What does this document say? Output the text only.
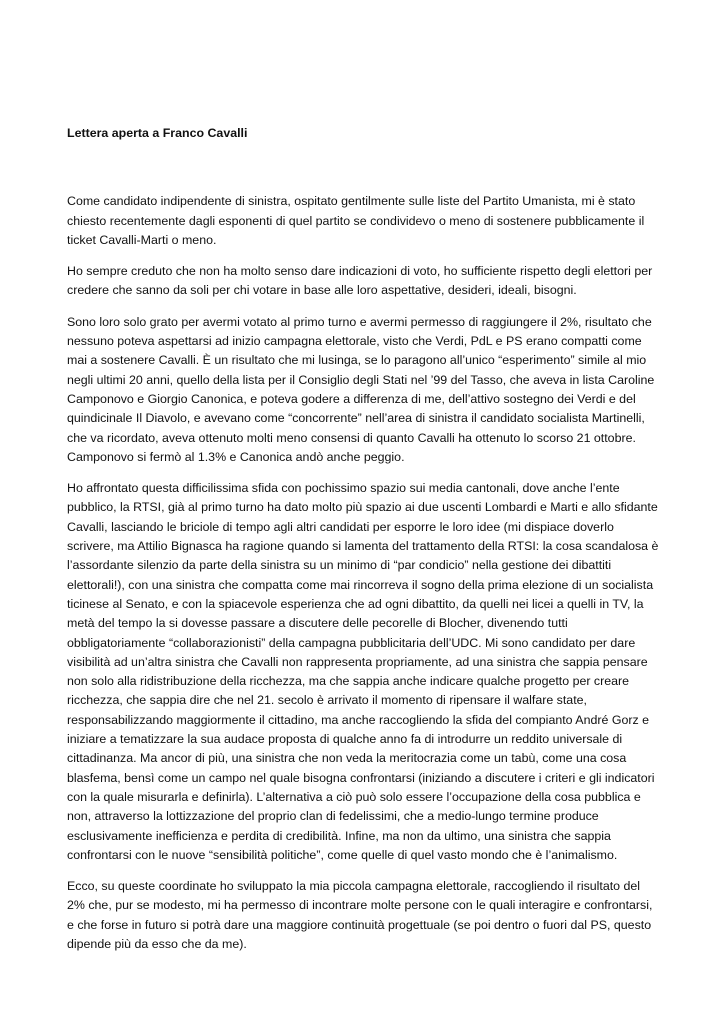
Lettera aperta a Franco Cavalli

Come candidato indipendente di sinistra, ospitato gentilmente sulle liste del Partito Umanista, mi è stato chiesto recentemente dagli esponenti di quel partito se condividevo o meno di sostenere pubblicamente il ticket Cavalli-Marti o meno.

Ho sempre creduto che non ha molto senso dare indicazioni di voto, ho sufficiente rispetto degli elettori per credere che sanno da soli per chi votare in base alle loro aspettative, desideri, ideali, bisogni.

Sono loro solo grato per avermi votato al primo turno e avermi permesso di raggiungere il 2%, risultato che nessuno poteva aspettarsi ad inizio campagna elettorale, visto che Verdi, PdL e PS erano compatti come mai a sostenere Cavalli. È un risultato che mi lusinga, se lo paragono all’unico “esperimento” simile al mio negli ultimi 20 anni, quello della lista per il Consiglio degli Stati nel ’99 del Tasso, che aveva in lista Caroline Camponovo e Giorgio Canonica, e poteva godere a differenza di me, dell’attivo sostegno dei Verdi e del quindicinale Il Diavolo, e avevano come “concorrente” nell’area di sinistra il candidato socialista Martinelli, che va ricordato, aveva ottenuto molti meno consensi di quanto Cavalli ha ottenuto lo scorso 21 ottobre. Camponovo si fermò al 1.3% e Canonica andò anche peggio.

Ho affrontato questa difficilissima sfida con pochissimo spazio sui media cantonali, dove anche l’ente pubblico, la RTSI, già al primo turno ha dato molto più spazio ai due uscenti Lombardi e Marti e allo sfidante Cavalli, lasciando le briciole di tempo agli altri candidati per esporre le loro idee (mi dispiace doverlo scrivere, ma Attilio Bignasca ha ragione quando si lamenta del trattamento della RTSI: la cosa scandalosa è l’assordante silenzio da parte della sinistra su un minimo di “par condicio” nella gestione dei dibattiti elettorali!), con una sinistra che compatta come mai rincorreva il sogno della prima elezione di un socialista ticinese al Senato, e con la spiacevole esperienza che ad ogni dibattito, da quelli nei licei a quelli in TV, la metà del tempo la si dovesse passare a discutere delle pecorelle di Blocher, divenendo tutti obbligatoriamente “collaborazionisti” della campagna pubblicitaria dell’UDC. Mi sono candidato per dare visibilità ad un’altra sinistra che Cavalli non rappresenta propriamente, ad una sinistra che sappia pensare non solo alla ridistribuzione della ricchezza, ma che sappia anche indicare qualche progetto per creare ricchezza, che sappia dire che nel 21. secolo è arrivato il momento di ripensare il walfare state, responsabilizzando maggiormente il cittadino, ma anche raccogliendo la sfida del compianto André Gorz e iniziare a tematizzare la sua audace proposta di qualche anno fa di introdurre un reddito universale di cittadinanza. Ma ancor di più, una sinistra che non veda la meritocrazia come un tabù, come una cosa blasfema, bensì come un campo nel quale bisogna confrontarsi (iniziando a discutere i criteri e gli indicatori con la quale misurarla e definirla). L’alternativa a ciò può solo essere l’occupazione della cosa pubblica e non, attraverso la lottizzazione del proprio clan di fedelissimi, che a medio-lungo termine produce esclusivamente inefficienza e perdita di credibilità. Infine, ma non da ultimo, una sinistra che sappia confrontarsi con le nuove “sensibilità politiche”, come quelle di quel vasto mondo che è l’animalismo.

Ecco, su queste coordinate ho sviluppato la mia piccola campagna elettorale, raccogliendo il risultato del 2% che, pur se modesto, mi ha permesso di incontrare molte persone con le quali interagire e confrontarsi, e che forse in futuro si potrà dare una maggiore continuità progettuale (se poi dentro o fuori dal PS, questo dipende più da esso che da me).
